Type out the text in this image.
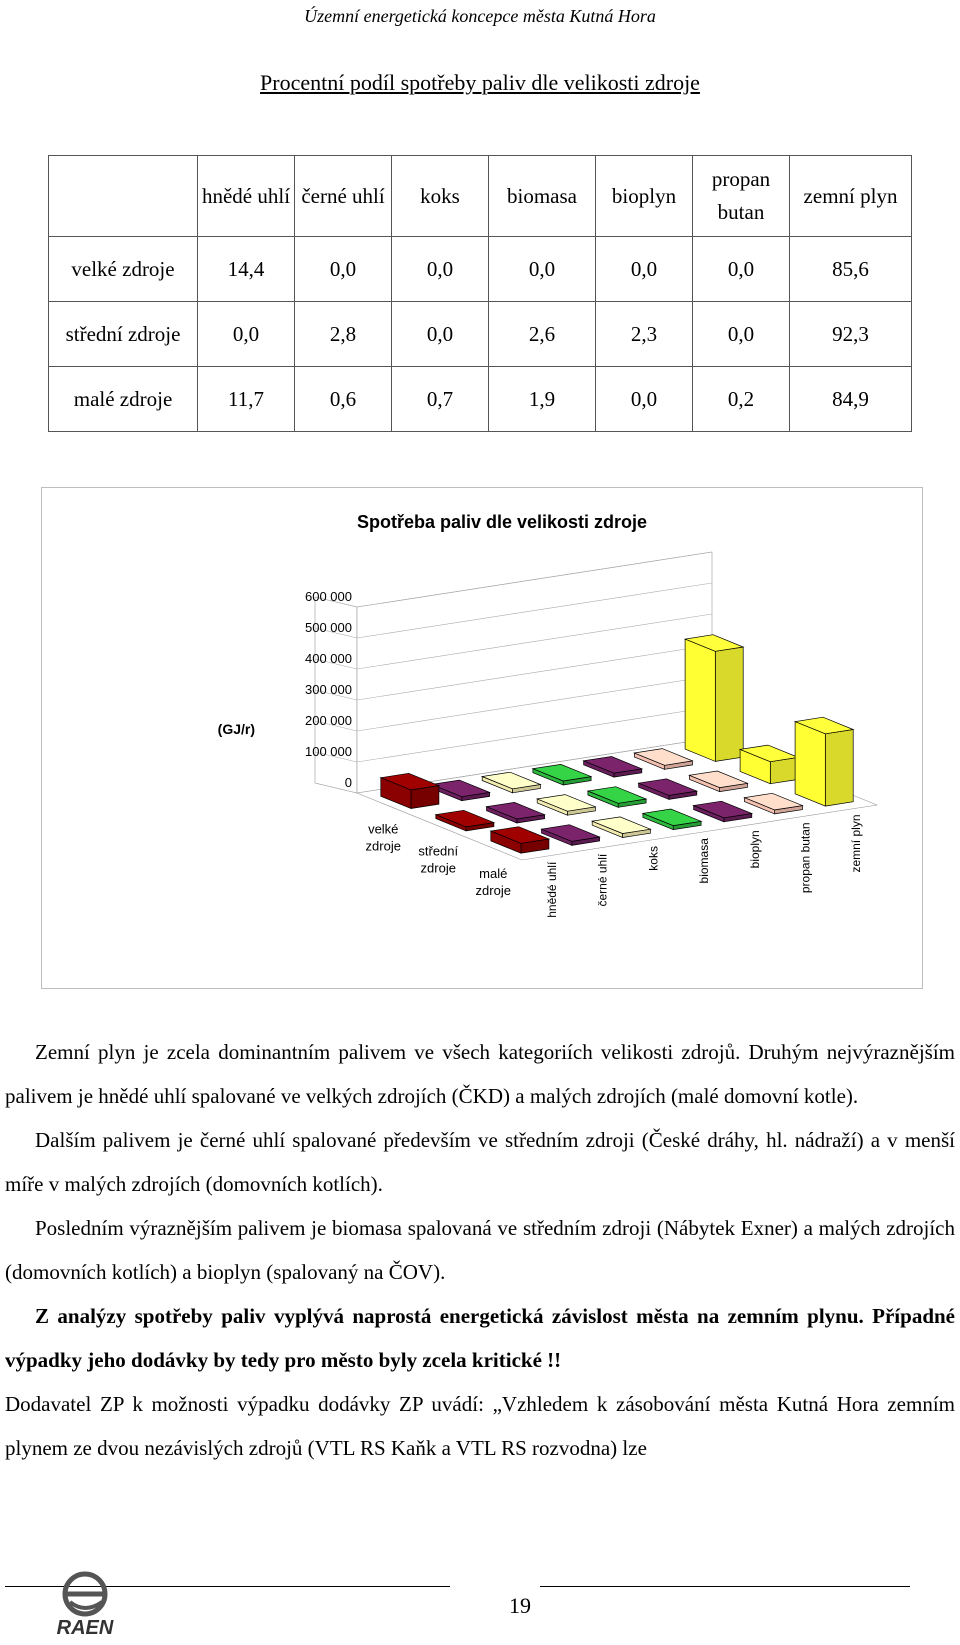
Územní energetická koncepce města Kutná Hora
Procentní podíl spotřeby paliv dle velikosti zdroje
	hnědé uhlí	černé uhlí	koks	biomasa	bioplyn	propan butan	zemní plyn
velké zdroje	14,4	0,0	0,0	0,0	0,0	0,0	85,6
střední zdroje	0,0	2,8	0,0	2,6	2,3	0,0	92,3
malé zdroje	11,7	0,6	0,7	1,9	0,0	0,2	84,9
Spotřeba paliv dle velikosti zdroje
(GJ/r)
0
100 000
200 000
300 000
400 000
500 000
600 000
velké zdroje střední zdroje malé zdroje	hnědé uhlí	černé uhlí	koks	biomasa	bioplyn	propan butan	zemní plyn

Zemní plyn je zcela dominantním palivem ve všech kategoriích velikosti zdrojů. Druhým nejvýraznějším palivem je hnědé uhlí spalované ve velkých zdrojích (ČKD) a malých zdrojích (malé domovní kotle).

Dalším palivem je černé uhlí spalované především ve středním zdroji (České dráhy, hl. nádraží) a v menší míře v malých zdrojích (domovních kotlích).

Posledním výraznějším palivem je biomasa spalovaná ve středním zdroji (Nábytek Exner) a malých zdrojích (domovních kotlích) a bioplyn (spalovaný na ČOV).

Z analýzy spotřeby paliv vyplývá naprostá energetická závislost města na zemním plynu. Případné výpadky jeho dodávky by tedy pro město byly zcela kritické !!

Dodavatel ZP k možnosti výpadku dodávky ZP uvádí: „Vzhledem k zásobování města Kutná Hora zemním plynem ze dvou nezávislých zdrojů (VTL RS Kaňk a VTL RS rozvodna) lze

RAEN
19
